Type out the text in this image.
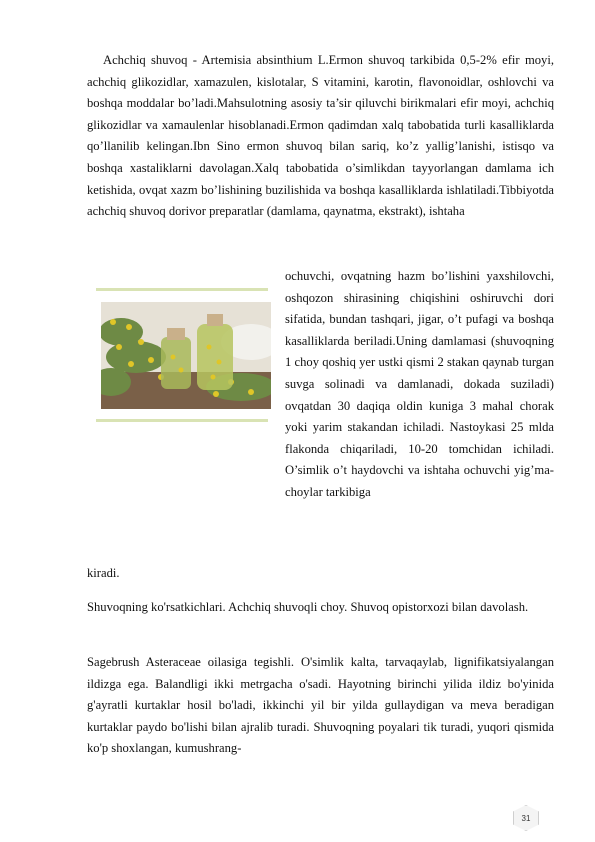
Achchiq shuvoq - Artemisia absinthium L.Ermon shuvoq tarkibida 0,5-2% efir moyi, achchiq glikozidlar, xamazulen, kislotalar, S vitamini, karotin, flavonoidlar, oshlovchi va boshqa moddalar bo’ladi.Mahsulotning asosiy ta’sir qiluvchi birikmalari efir moyi, achchiq glikozidlar va xamaulenlar hisoblanadi.Ermon qadimdan xalq tabobatida turli kasalliklarda qo’llanilib kelingan.Ibn Sino ermon shuvoq bilan sariq, ko’z yallig’lanishi, istisqo va boshqa xastaliklarni davolagan.Xalq tabobatida o’simlikdan tayyorlangan damlama ich ketishida, ovqat xazm bo’lishining buzilishida va boshqa kasalliklarda ishlatiladi.Tibbiyotda achchiq shuvoq dorivor preparatlar (damlama, qaynatma, ekstrakt), ishtaha
ochuvchi, ovqatning hazm bo’lishini yaxshilovchi, oshqozon shirasining chiqishini oshiruvchi dori sifatida, bundan tashqari, jigar, o’t pufagi va boshqa kasalliklarda beriladi.Uning damlamasi (shuvoqning 1 choy qoshiq yer ustki qismi 2 stakan qaynab turgan suvga solinadi va damlanadi, dokada suziladi) ovqatdan 30 daqiqa oldin kuniga 3 mahal chorak yoki yarim stakandan ichiladi. Nastoykasi 25 mlda flakonda chiqariladi, 10-20 tomchidan ichiladi. O’simlik o’t haydovchi va ishtaha ochuvchi yig’ma-choylar tarkibiga
kiradi.
Shuvoqning ko'rsatkichlari. Achchiq shuvoqli choy. Shuvoq opistorxozi bilan davolash.
Sagebrush Asteraceae oilasiga tegishli. O'simlik kalta, tarvaqaylab, lignifikatsiyalangan ildizga ega. Balandligi ikki metrgacha o'sadi. Hayotning birinchi yilida ildiz bo'yinida g'ayratli kurtaklar hosil bo'ladi, ikkinchi yil bir yilda gullaydigan va meva beradigan kurtaklar paydo bo'lishi bilan ajralib turadi. Shuvoqning poyalari tik turadi, yuqori qismida ko'p shoxlangan, kumushrang-
31
